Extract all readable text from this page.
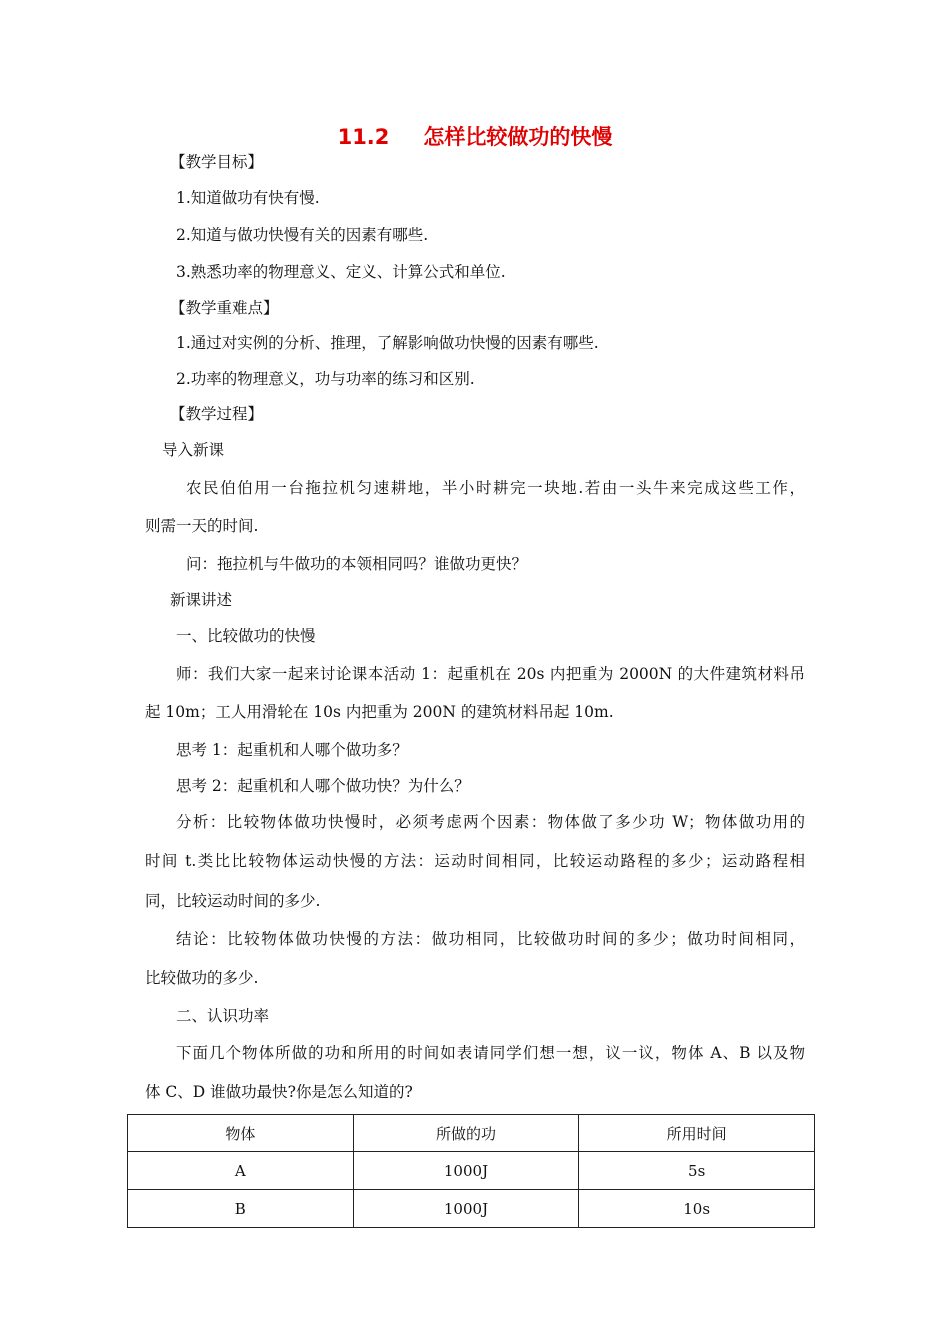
11.2 怎样比较做功的快慢
【教学目标】
1.知道做功有快有慢.
2.知道与做功快慢有关的因素有哪些.
3.熟悉功率的物理意义、定义、计算公式和单位.
【教学重难点】
1.通过对实例的分析、推理，了解影响做功快慢的因素有哪些.
2.功率的物理意义，功与功率的练习和区别.
【教学过程】
导入新课
农民伯伯用一台拖拉机匀速耕地，半小时耕完一块地.若由一头牛来完成这些工作，
则需一天的时间.
问：拖拉机与牛做功的本领相同吗？谁做功更快？
新课讲述
一、比较做功的快慢
师：我们大家一起来讨论课本活动 1：起重机在 20s 内把重为 2000N 的大件建筑材料吊
起 10m；工人用滑轮在 10s 内把重为 200N 的建筑材料吊起 10m.
思考 1：起重机和人哪个做功多？
思考 2：起重机和人哪个做功快？为什么？
分析：比较物体做功快慢时，必须考虑两个因素：物体做了多少功 W；物体做功用的
时间 t.类比比较物体运动快慢的方法：运动时间相同，比较运动路程的多少；运动路程相
同，比较运动时间的多少.
结论：比较物体做功快慢的方法：做功相同，比较做功时间的多少；做功时间相同，
比较做功的多少.
二、认识功率
下面几个物体所做的功和所用的时间如表请同学们想一想，议一议，物体 A、B 以及物
体 C、D 谁做功最快?你是怎么知道的?
物体	所做的功	所用时间
A	1000J	5s
B	1000J	10s
